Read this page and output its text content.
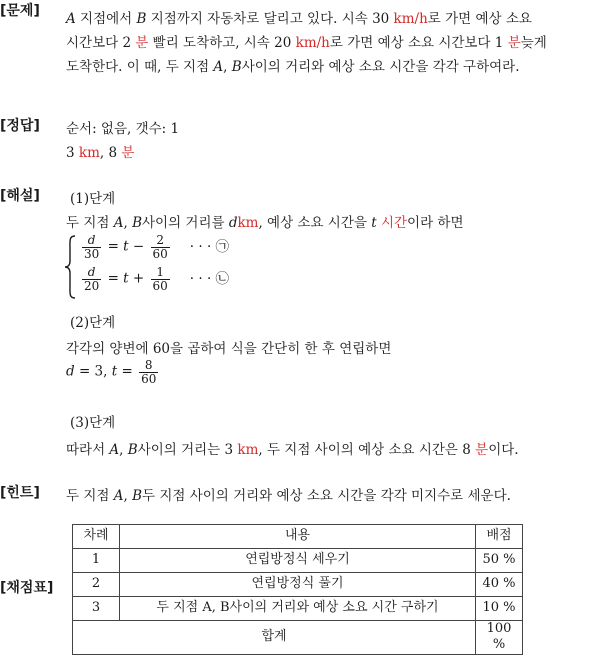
[문제] A 지점에서 B 지점까지 자동차로 달리고 있다. 시속 30 km/h로 가면 예상 소요
시간보다 2 분 빨리 도착하고, 시속 20 km/h로 가면 예상 소요 시간보다 1 분늦게
도착한다. 이 때, 두 지점 A, B사이의 거리와 예상 소요 시간을 각각 구하여라.
[정답] 순서: 없음, 갯수: 1
3 km, 8 분
[해설] (1)단계
두 지점 A, B사이의 거리를 dkm, 예상 소요 시간을 t 시간이라 하면
$\frac{d}{30} = t - \frac{2}{60}$ · · · ㉠
$\frac{d}{20} = t + \frac{1}{60}$ · · · ㉡
(2)단계
각각의 양변에 60을 곱하여 식을 간단히 한 후 연립하면
d = 3, $t = \frac{8}{60}$
(3)단계
따라서 A, B사이의 거리는 3 km, 두 지점 사이의 예상 소요 시간은 8 분이다.
[힌트] 두 지점 A, B두 지점 사이의 거리와 예상 소요 시간을 각각 미지수로 세운다.
[채점표]
차례	내용	배점
1	연립방정식 세우기	50 %
2	연립방정식 풀기	40 %
3	두 지점 A, B사이의 거리와 예상 소요 시간 구하기	10 %
합계		100 %
